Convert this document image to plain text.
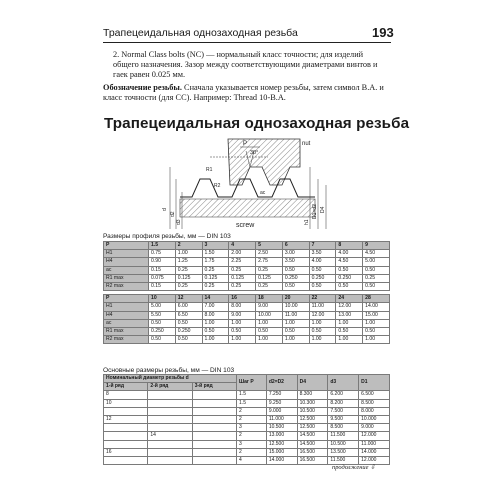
Трапецеидальная однозаходная резьба	193
2. Normal Class bolts (NC) — нормальный класс точности; для изделий общего назначения. Зазор между соответствующими диаметрами винтов и гаек равен 0.025 мм.
Обозначение резьбы. Сначала указывается номер резьбы, затем символ B.A. и класс точности (для CC). Например: Thread 10-B.A.
Трапецеидальная однозаходная резьба
P	nut
30°
R1
R2
ac
screw
d
d2
d3	h1
D1=d2 D4
Размеры профиля резьбы, мм — DIN 103
P	1.5	2	3	4	5	6	7	8	9
H1	0.75	1.00	1.50	2.00	2.50	3.00	3.50	4.00	4.50
H4	0.90	1.25	1.75	2.25	2.75	3.50	4.00	4.50	5.00
ac	0.15	0.25	0.25	0.25	0.25	0.50	0.50	0.50	0.50
R1 max	0.075	0.125	0.125	0.125	0.125	0.250	0.250	0.250	0.25
R2 max	0.15	0.25	0.25	0.25	0.25	0.50	0.50	0.50	0.50

P	10	12	14	16	18	20	22	24	28
H1	5.00	6.00	7.00	8.00	9.00	10.00	11.00	12.00	14.00
H4	5.50	6.50	8.00	9.00	10.00	11.00	12.00	13.00	15.00
ac	0.50	0.50	1.00	1.00	1.00	1.00	1.00	1.00	1.00
R1 max	0.250	0.250	0.50	0.50	0.50	0.50	0.50	0.50	0.50
R2 max	0.50	0.50	1.00	1.00	1.00	1.00	1.00	1.00	1.00
Основные размеры резьбы, мм — DIN 103
Номинальный диаметр резьбы d			Шаг P	d2=D2	D4	d3	D1
1-й ряд	2-й ряд	3-й ряд					
8			1.5	7.250	8.300	6.200	6.500
10			1.5	9.250	10.300	8.200	8.500
			2	9.000	10.500	7.500	8.000
12			2	11.000	12.500	9.500	10.000
			3	10.500	12.500	8.500	9.000
	14		2	13.000	14.500	11.500	12.000
			3	12.500	14.500	10.500	11.000
16			2	15.000	16.500	13.500	14.000
			4	14.000	16.500	11.500	12.000
продолжение ⇩
